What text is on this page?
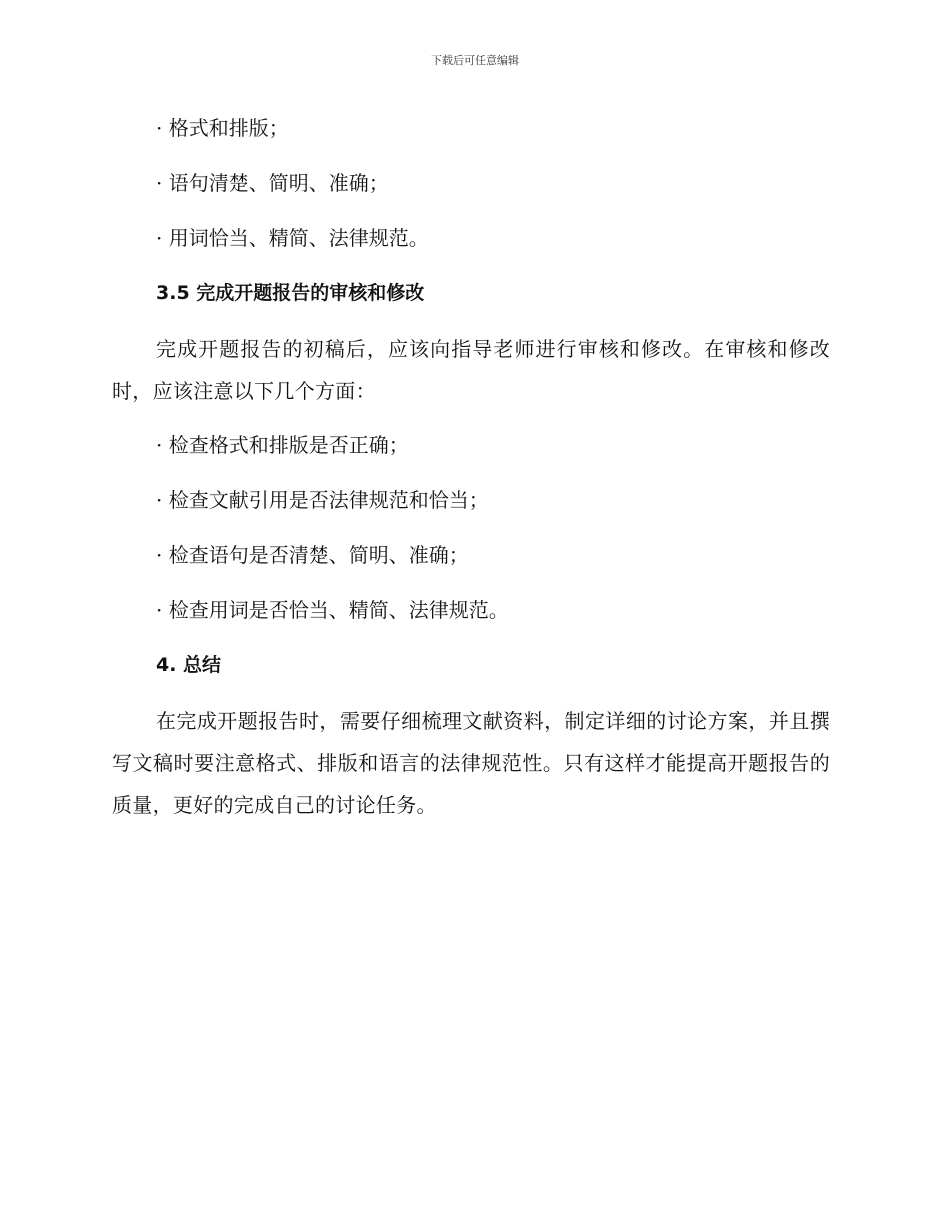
下载后可任意编辑
· 格式和排版；
· 语句清楚、简明、准确；
· 用词恰当、精简、法律规范。
3.5 完成开题报告的审核和修改
完成开题报告的初稿后，应该向指导老师进行审核和修改。在审核和修改时，应该注意以下几个方面：
· 检查格式和排版是否正确；
· 检查文献引用是否法律规范和恰当；
· 检查语句是否清楚、简明、准确；
· 检查用词是否恰当、精简、法律规范。
4. 总结
在完成开题报告时，需要仔细梳理文献资料，制定详细的讨论方案，并且撰写文稿时要注意格式、排版和语言的法律规范性。只有这样才能提高开题报告的质量，更好的完成自己的讨论任务。
